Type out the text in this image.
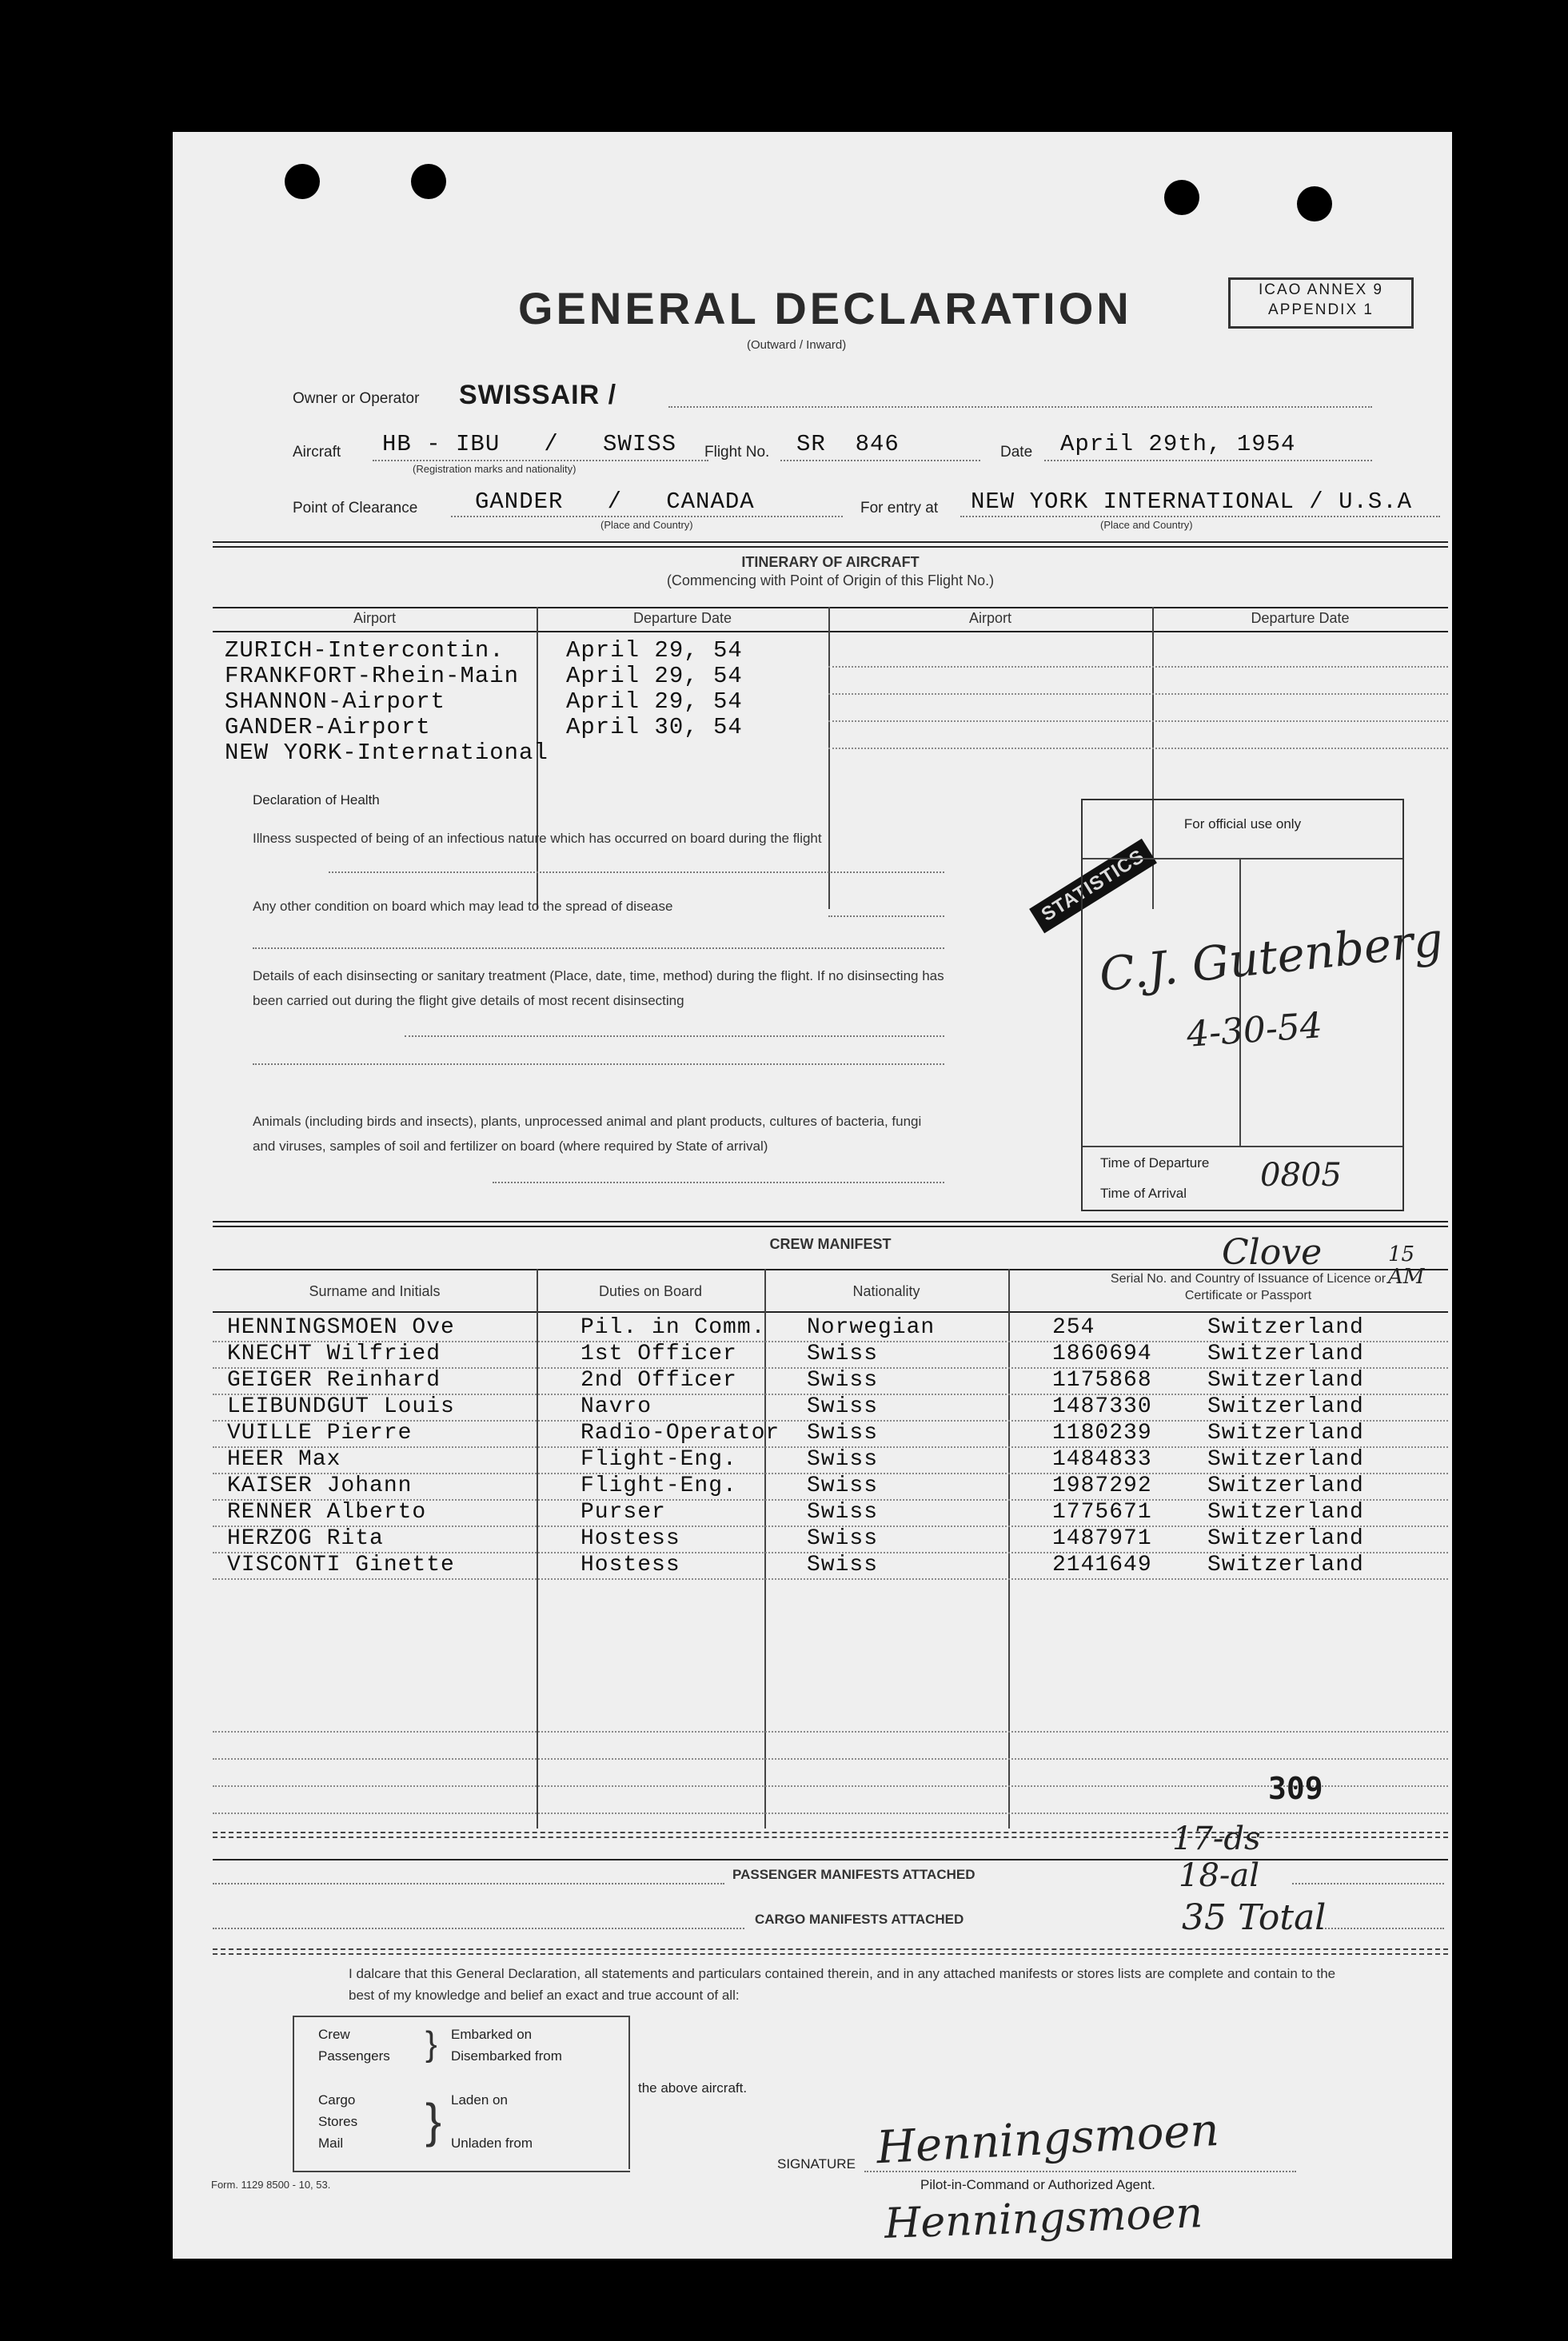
GENERAL DECLARATION
(Outward / Inward)
ICAO ANNEX 9
APPENDIX 1
Owner or Operator SWISSAIR /
Aircraft HB - IBU   /   SWISS
(Registration marks and nationality)
Flight No. SR  846	Date April 29th, 1954
Point of Clearance GANDER   /   CANADA
(Place and Country)
For entry at NEW YORK INTERNATIONAL / U.S.A
(Place and Country)
ITINERARY OF AIRCRAFT
(Commencing with Point of Origin of this Flight No.)
Airport	Departure Date	Airport	Departure Date
ZURICH-Intercontin.	April 29, 54
FRANKFORT-Rhein-Main April 29, 54
SHANNON-Airport	April 29, 54
GANDER-Airport	April 30, 54
NEW YORK-International
STATISTICS
Declaration of Health
Illness suspected of being of an infectious nature which has occurred on board during the flight
Any other condition on board which may lead to the spread of disease
Details of each disinsecting or sanitary treatment (Place, date, time, method) during the flight. If no disinsecting has been carried out during the flight give details of most recent disinsecting
Animals (including birds and insects), plants, unprocessed animal and plant products, cultures of bacteria, fungi and viruses, samples of soil and fertilizer on board (where required by State of arrival)
For official use only
C.J. Gutenberg
4-30-54
Time of Departure
Time of Arrival 0805
CREW MANIFEST	Clove	15 AM
Surname and Initials	Duties on Board	Nationality
Serial No. and Country of Issuance of Licence or Certificate or Passport
HENNINGSMOEN Ove	Pil. in Comm. Norwegian	254	Switzerland
KNECHT Wilfried	1st Officer	Swiss	1860694 Switzerland
GEIGER Reinhard	2nd Officer	Swiss	1175868 Switzerland
LEIBUNDGUT Louis	Navro	Swiss	1487330 Switzerland
VUILLE Pierre	Radio-Operator Swiss	1180239 Switzerland
HEER Max	Flight-Eng.	Swiss	1484833 Switzerland
KAISER Johann	Flight-Eng.	Swiss	1987292 Switzerland
RENNER Alberto	Purser	Swiss	1775671 Switzerland
HERZOG Rita	Hostess	Swiss	1487971 Switzerland
VISCONTI Ginette	Hostess	Swiss	2141649 Switzerland
309
PASSENGER MANIFESTS ATTACHED
17-ds
18-al
CARGO MANIFESTS ATTACHED	35 Total
I dalcare that this General Declaration, all statements and particulars contained therein, and in any attached manifests or stores lists are complete and contain to the best of my knowledge and belief an exact and true account of all:
Crew
Passengers
Cargo
Stores
Mail
}
}
Embarked on
Disembarked from
Laden on
Unladen from
the above aircraft.
SIGNATURE
Pilot-in-Command or Authorized Agent.
Henningsmoen
Henningsmoen
Form. 1129 8500 - 10, 53.
